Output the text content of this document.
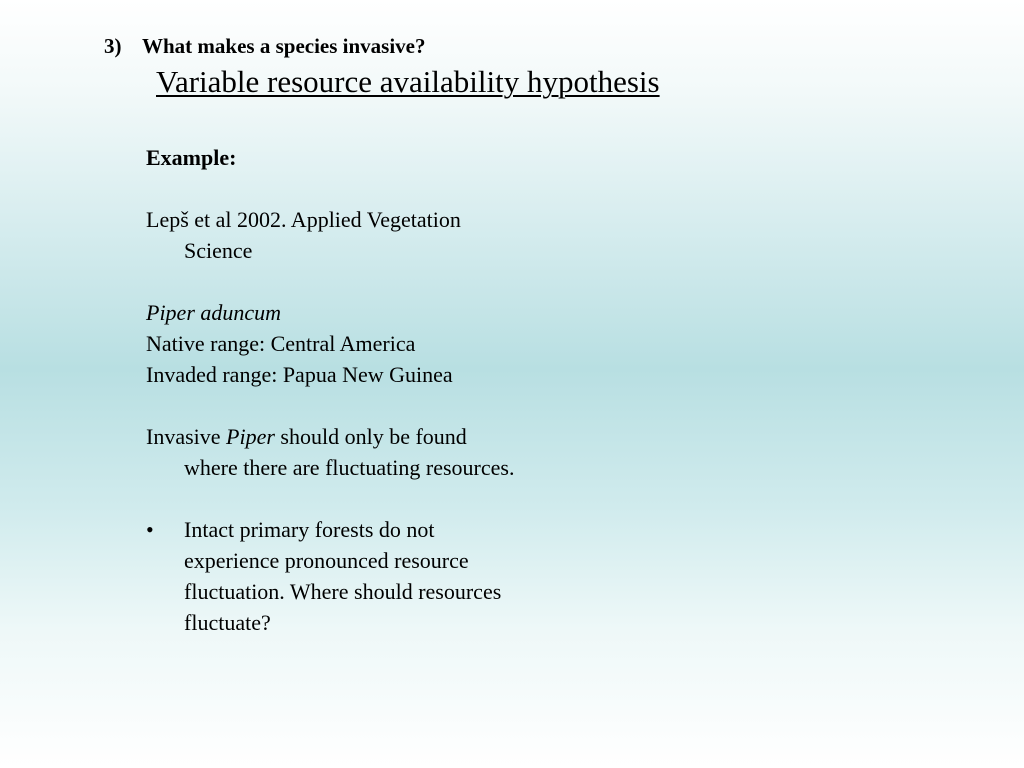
3) What makes a species invasive?
Variable resource availability hypothesis
Example:
Lepš et al 2002. Applied Vegetation
Science
Piper aduncum
Native range: Central America
Invaded range: Papua New Guinea
Invasive Piper should only be found
where there are fluctuating resources.
•	Intact primary forests do not
experience pronounced resource
fluctuation. Where should resources
fluctuate?
